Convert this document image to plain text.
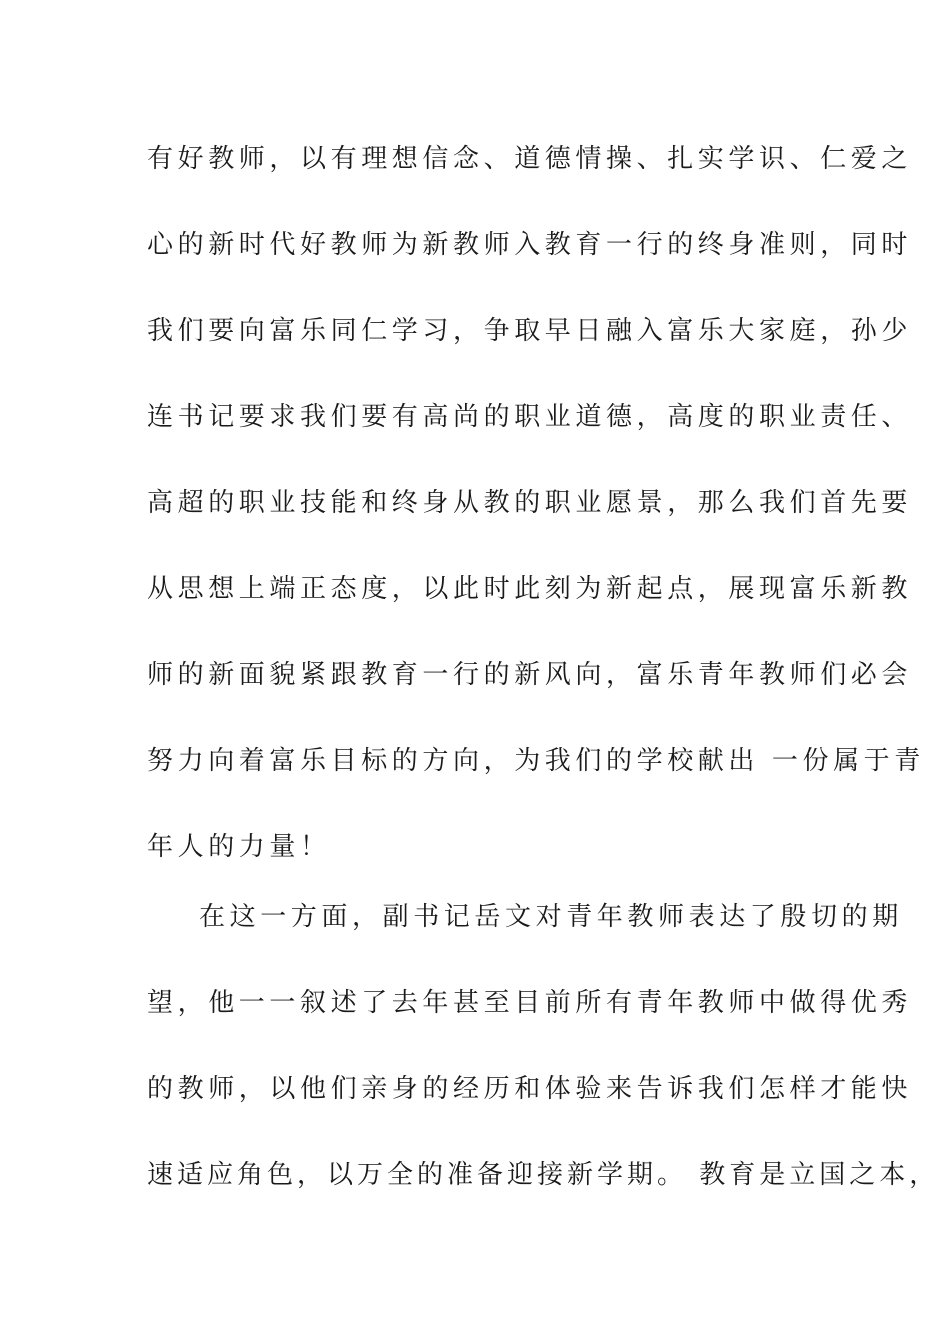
有好教师，以有理想信念、道德情操、扎实学识、仁爱之

心的新时代好教师为新教师入教育一行的终身准则，同时

我们要向富乐同仁学习，争取早日融入富乐大家庭，孙少

连书记要求我们要有高尚的职业道德，高度的职业责任、

高超的职业技能和终身从教的职业愿景，那么我们首先要

从思想上端正态度，以此时此刻为新起点，展现富乐新教

师的新面貌紧跟教育一行的新风向，富乐青年教师们必会

努力向着富乐目标的方向，为我们的学校献出 一份属于青

年人的力量！

在这一方面，副书记岳文对青年教师表达了殷切的期

望，他一一叙述了去年甚至目前所有青年教师中做得优秀

的教师，以他们亲身的经历和体验来告诉我们怎样才能快

速适应角色，以万全的准备迎接新学期。 教育是立国之本，
